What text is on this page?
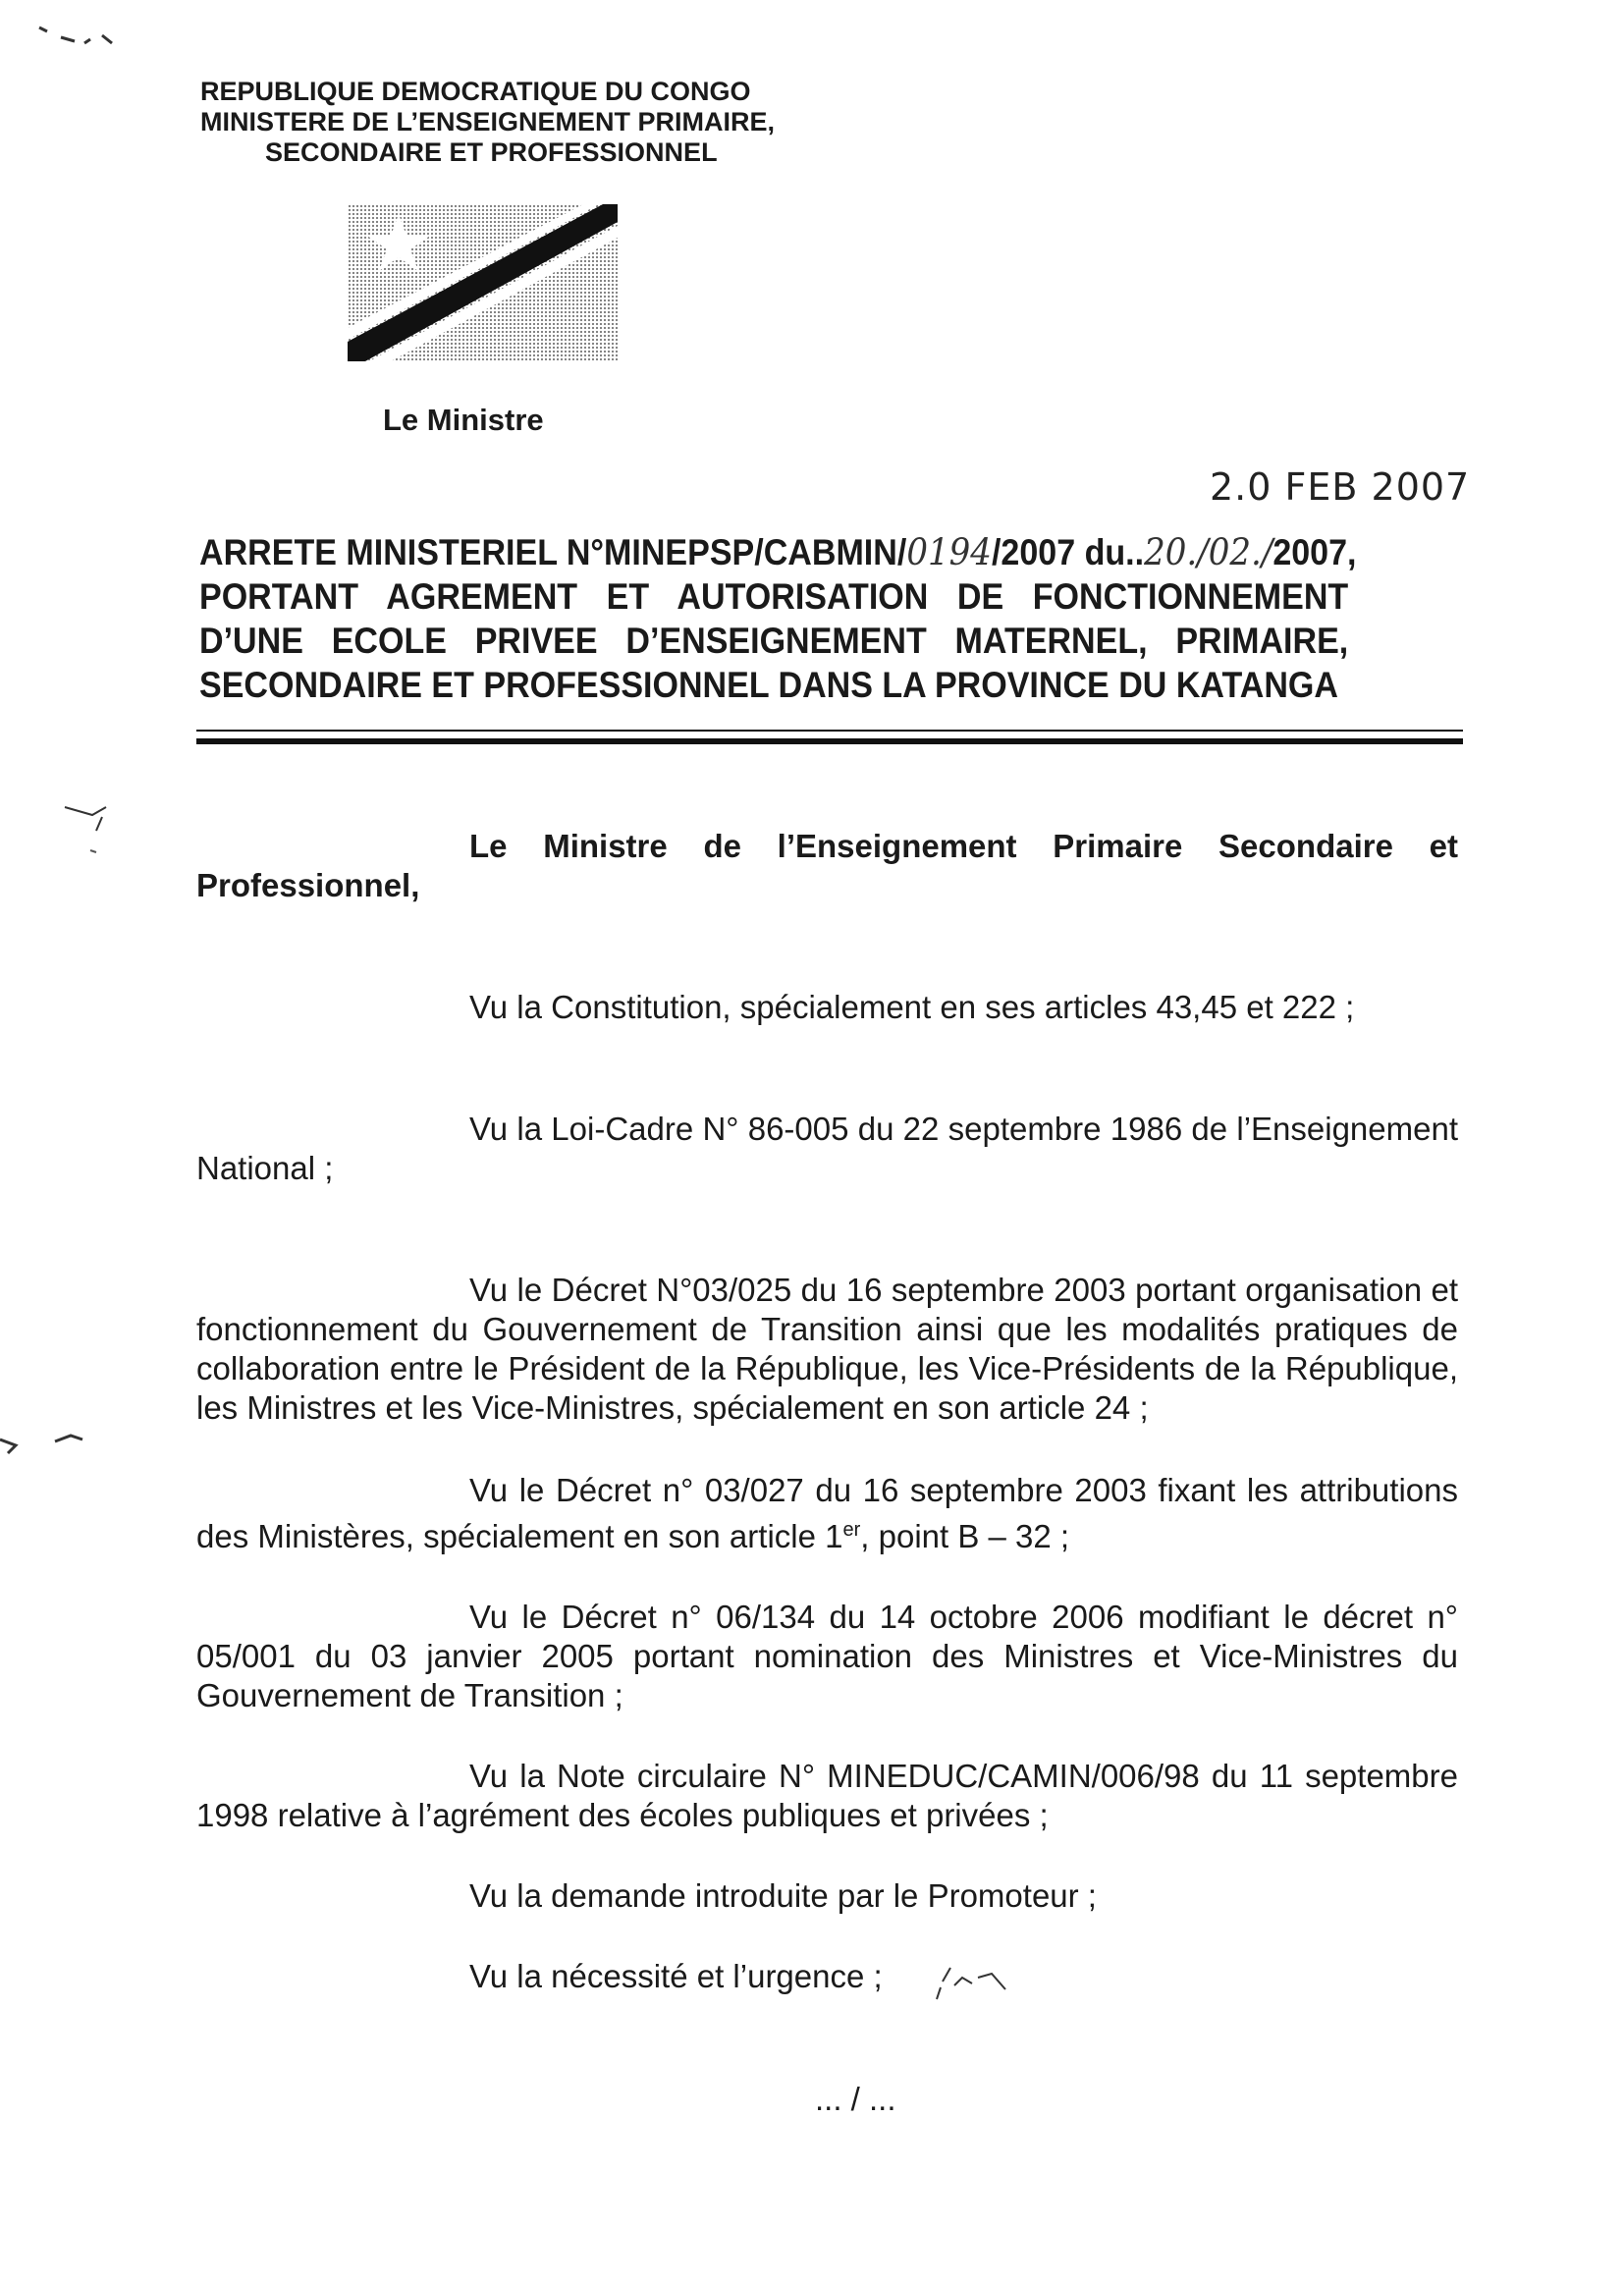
REPUBLIQUE DEMOCRATIQUE DU CONGO

MINISTERE DE L’ENSEIGNEMENT PRIMAIRE,

SECONDAIRE ET PROFESSIONNEL

Le Ministre

2.0 FEB 2007

ARRETE MINISTERIEL N°MINEPSP/CABMIN/0194/2007 du..20./02./2007,
PORTANT AGREMENT ET AUTORISATION DE FONCTIONNEMENT
D’UNE ECOLE PRIVEE D’ENSEIGNEMENT MATERNEL, PRIMAIRE,
SECONDAIRE ET PROFESSIONNEL DANS LA PROVINCE DU KATANGA

Le Ministre de l’Enseignement Primaire Secondaire et Professionnel,

Vu la Constitution, spécialement en ses articles 43,45 et 222 ;

Vu la Loi-Cadre N° 86-005 du 22 septembre 1986 de l’Enseignement National ;

Vu le Décret N°03/025 du 16 septembre 2003 portant organisation et fonctionnement du Gouvernement de Transition ainsi que les modalités pratiques de collaboration entre le Président de la République, les Vice-Présidents de la République, les Ministres et les Vice-Ministres, spécialement en son article 24 ;

Vu le Décret n° 03/027 du 16 septembre 2003 fixant les attributions des Ministères, spécialement en son article 1er, point B – 32 ;

Vu le Décret n° 06/134 du 14 octobre 2006 modifiant le décret n° 05/001 du 03 janvier 2005 portant nomination des Ministres et Vice-Ministres du Gouvernement de Transition ;

Vu la Note circulaire N° MINEDUC/CAMIN/006/98 du 11 septembre 1998 relative à l’agrément des écoles publiques et privées ;

Vu la demande introduite par le Promoteur ;

Vu la nécessité et l’urgence ;

... / ...
